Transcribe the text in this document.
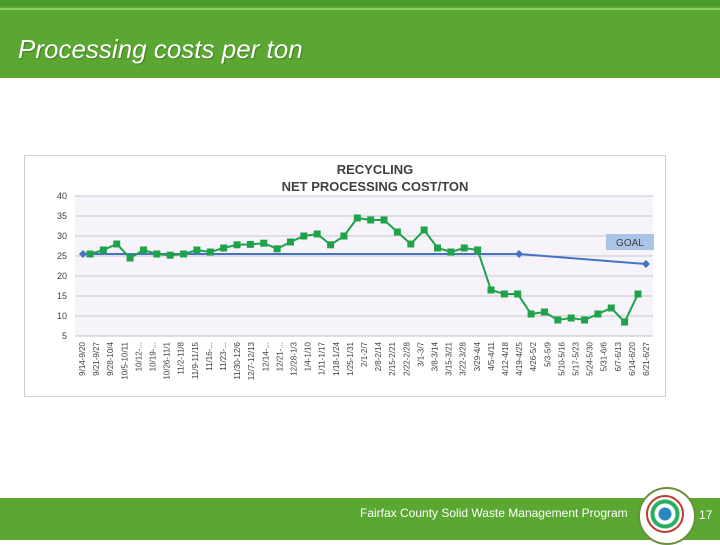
Processing costs per ton
5
10
15
20
25
30
35
40
RECYCLING
NET PROCESSING COST/TON
9/14-9/20 9/21-9/27 9/28-10/4 10/5-10/11 10/12-... 10/19-... 10/26-11/1 11/2-11/8 11/9-11/15 11/16-... 11/23-... 11/30-12/6 12/7-12/13 12/14-... 12/21-... 12/28-1/3 1/4-1/10 1/11-1/17 1/18-1/24 1/25-1/31 2/1-2/7 2/8-2/14 2/15-2/21 2/22-2/28 3/1-3/7 3/8-3/14 3/15-3/21 3/22-3/28 3/29-4/4 4/5-4/11 4/12-4/18 4/19-4/25 4/26-5/2 5/3-5/9 5/10-5/16 5/17-5/23 5/24-5/30 5/31-6/6 6/7-6/13 6/14-6/20 6/21-6/27
GOAL
Fairfax County Solid Waste Management Program	17
